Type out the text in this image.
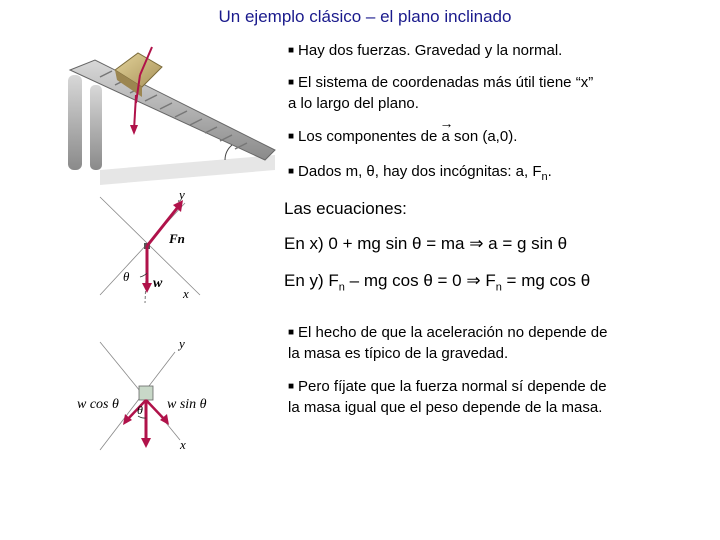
Un ejemplo clásico – el plano inclinado
■ Hay dos fuerzas. Gravedad y la normal.
■ El sistema de coordenadas más útil tiene “x”
a lo largo del plano.
■ Los componentes de
→
a son (a,0).
■ Dados m, θ, hay dos incógnitas: a, $F_n$.
Las ecuaciones:
En x) 0 + mg sin θ = ma ⇒ a = g sin θ
En y) $F_n$ – mg cos θ = 0 ⇒ $F_n$ = mg cos θ
■ El hecho de que la aceleración no depende de
la masa es típico de la gravedad.
■ Pero fíjate que la fuerza normal sí depende de
la masa igual que el peso depende de la masa.
y
x
Fn
w
θ
y
x
w cos θ	w sin θ
θ
